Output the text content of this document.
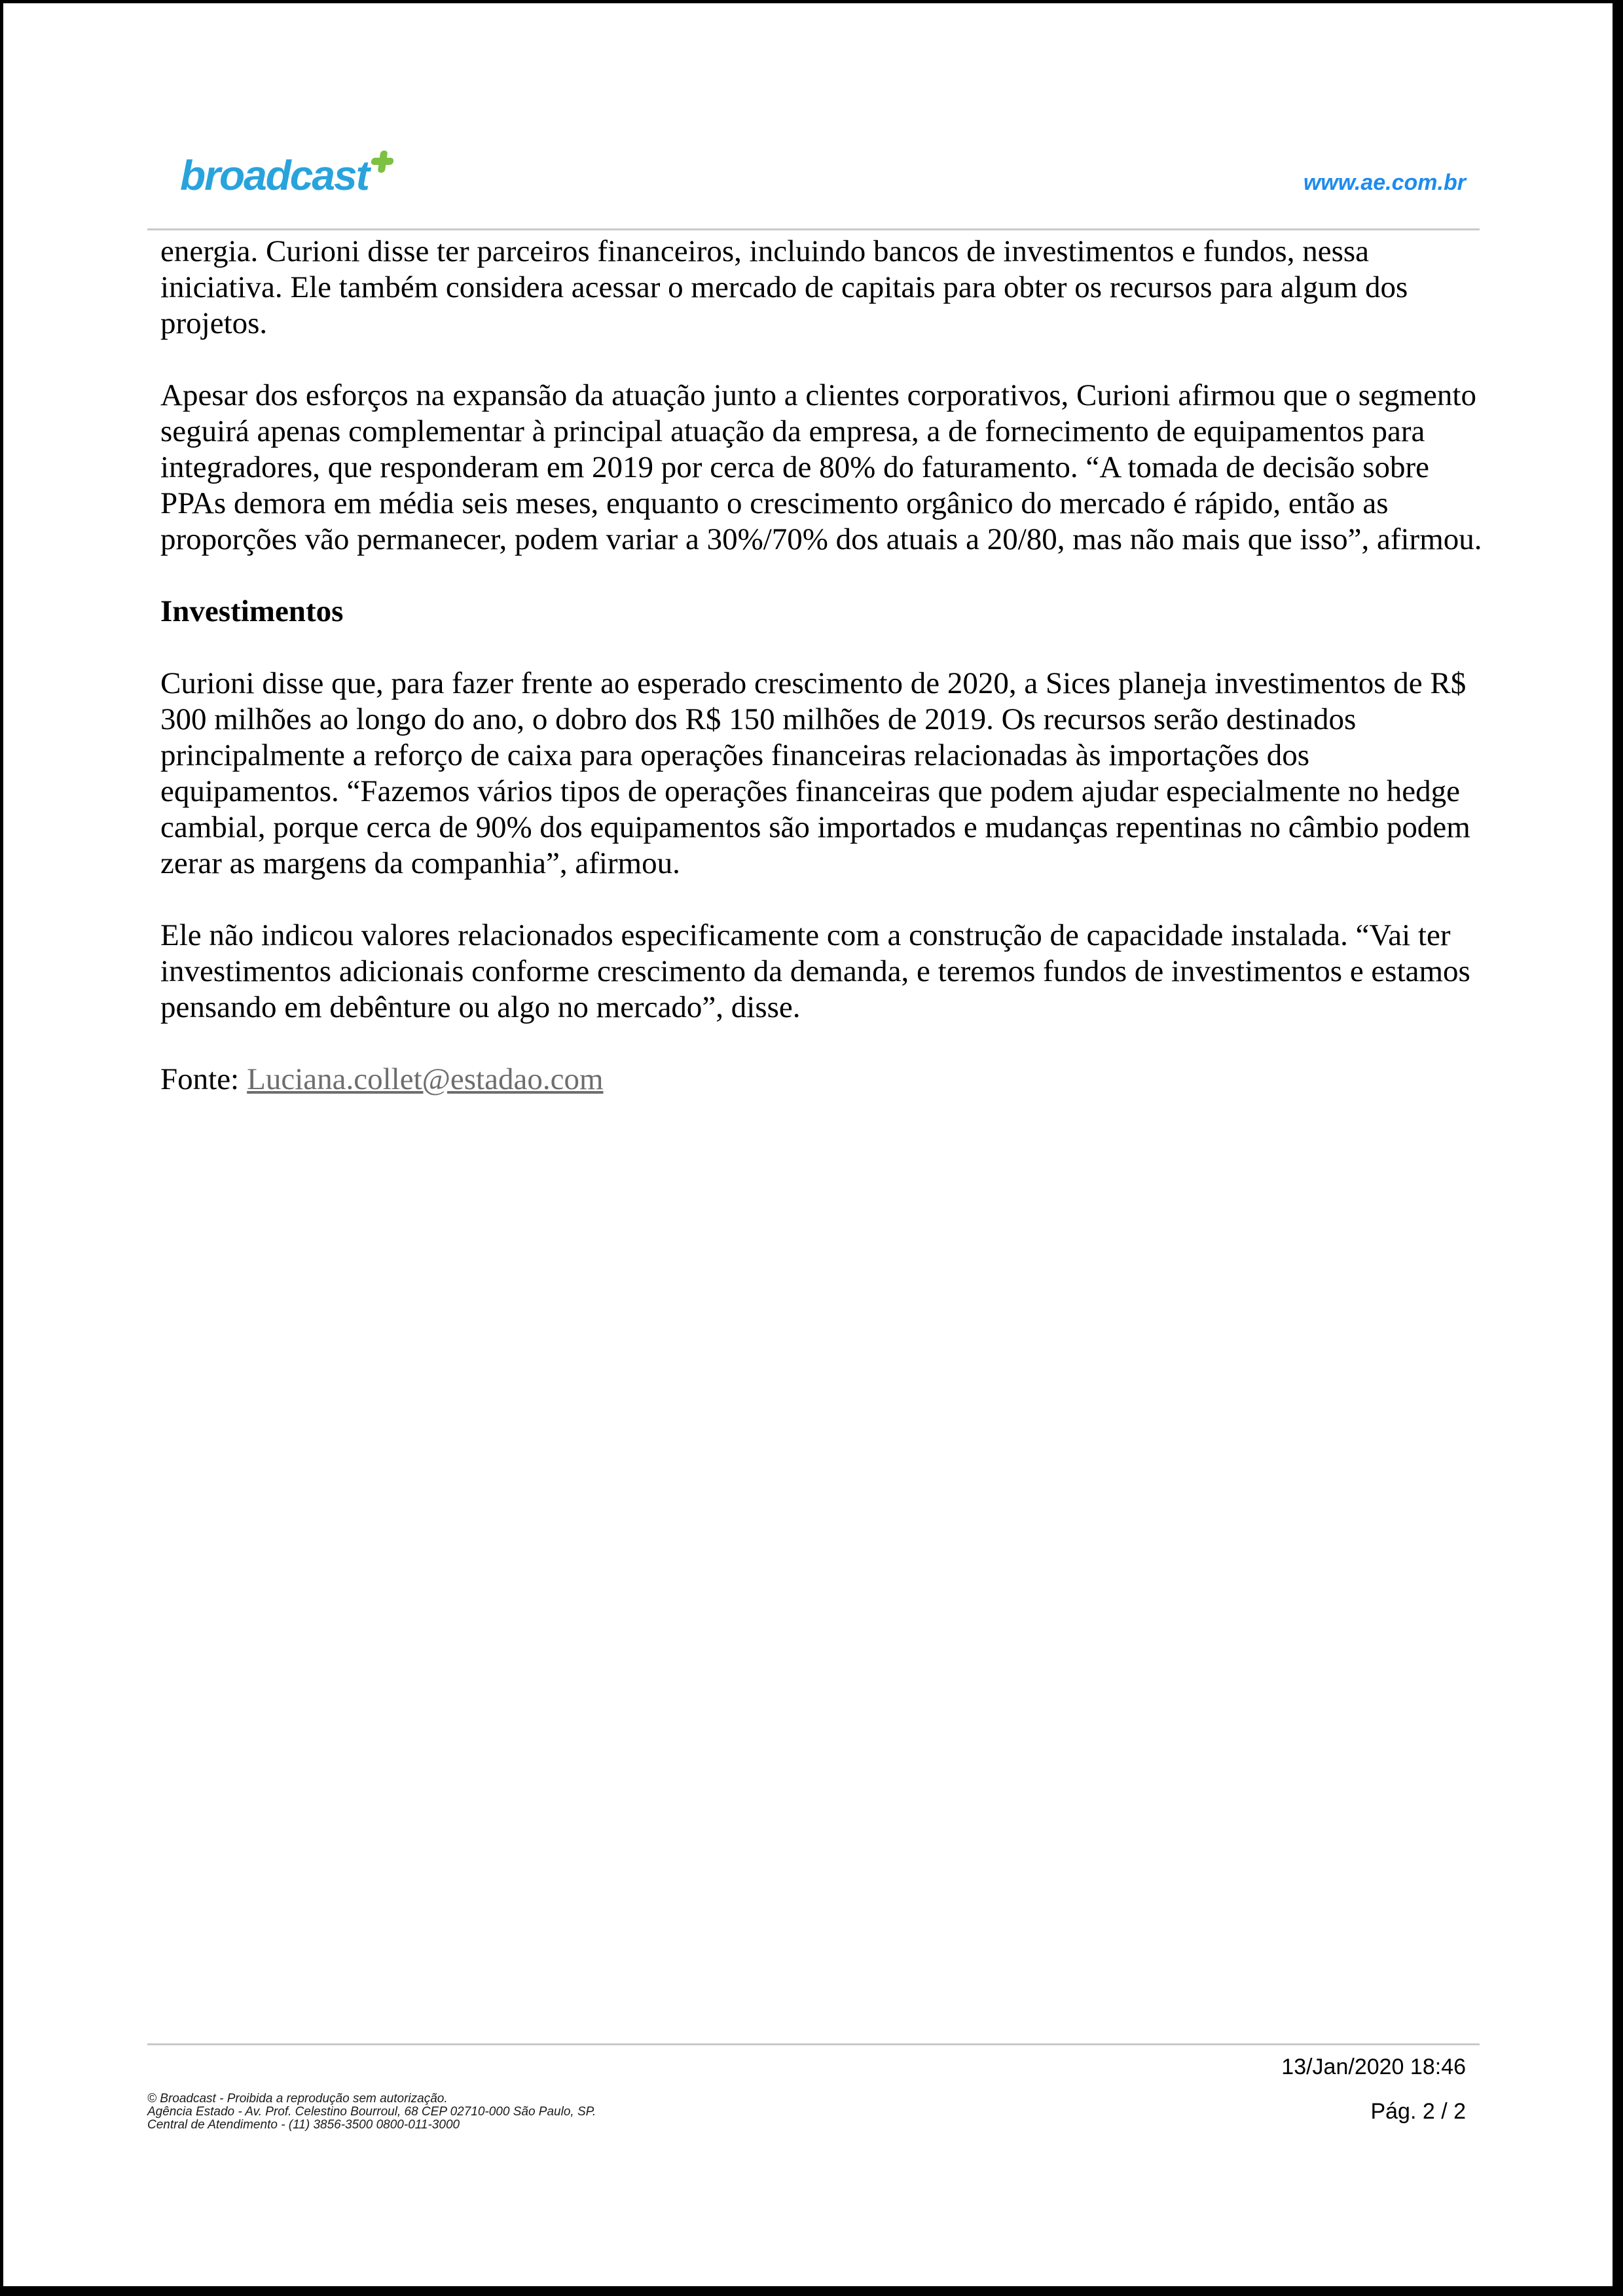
broadcast	www.ae.com.br

energia. Curioni disse ter parceiros financeiros, incluindo bancos de investimentos e fundos, nessa iniciativa. Ele também considera acessar o mercado de capitais para obter os recursos para algum dos projetos.

Apesar dos esforços na expansão da atuação junto a clientes corporativos, Curioni afirmou que o segmento seguirá apenas complementar à principal atuação da empresa, a de fornecimento de equipamentos para integradores, que responderam em 2019 por cerca de 80% do faturamento. “A tomada de decisão sobre PPAs demora em média seis meses, enquanto o crescimento orgânico do mercado é rápido, então as proporções vão permanecer, podem variar a 30%/70% dos atuais a 20/80, mas não mais que isso”, afirmou.

Investimentos

Curioni disse que, para fazer frente ao esperado crescimento de 2020, a Sices planeja investimentos de R$ 300 milhões ao longo do ano, o dobro dos R$ 150 milhões de 2019. Os recursos serão destinados principalmente a reforço de caixa para operações financeiras relacionadas às importações dos equipamentos. “Fazemos vários tipos de operações financeiras que podem ajudar especialmente no hedge cambial, porque cerca de 90% dos equipamentos são importados e mudanças repentinas no câmbio podem zerar as margens da companhia”, afirmou.

Ele não indicou valores relacionados especificamente com a construção de capacidade instalada. “Vai ter investimentos adicionais conforme crescimento da demanda, e teremos fundos de investimentos e estamos pensando em debênture ou algo no mercado”, disse.

Fonte: Luciana.collet@estadao.com

13/Jan/2020 18:46
© Broadcast - Proibida a reprodução sem autorização.
Agência Estado - Av. Prof. Celestino Bourroul, 68 CEP 02710-000 São Paulo, SP.
Central de Atendimento - (11) 3856-3500 0800-011-3000
Pág. 2 / 2
